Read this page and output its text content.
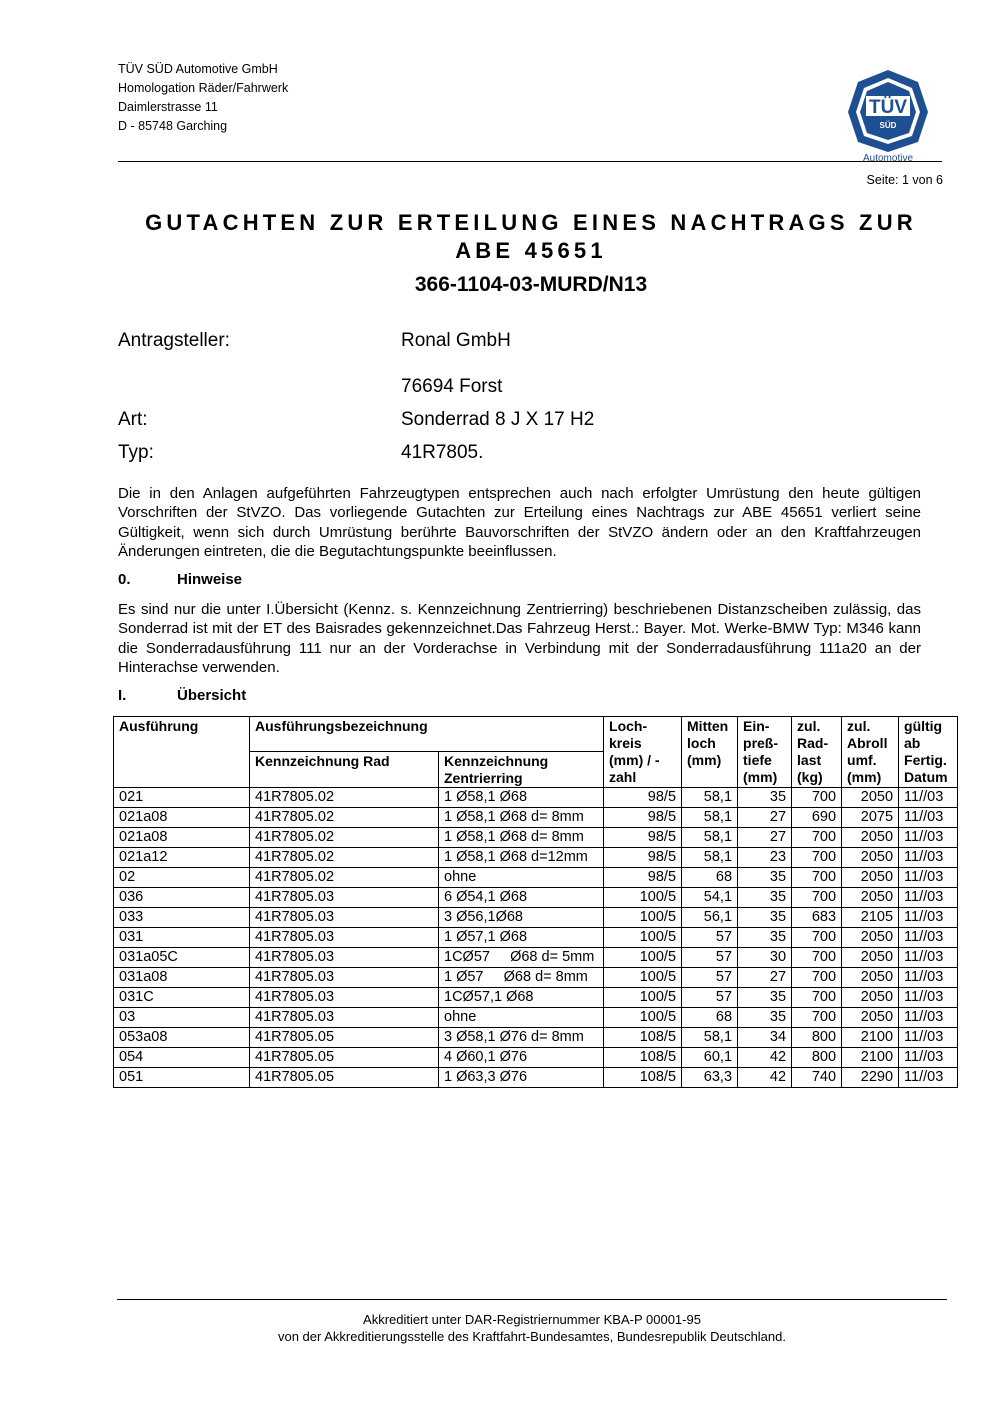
TÜV SÜD Automotive GmbH
Homologation Räder/Fahrwerk
Daimlerstrasse 11
D - 85748 Garching
TÜV
SÜD
Automotive
Seite: 1 von 6
GUTACHTEN ZUR ERTEILUNG EINES NACHTRAGS ZUR
ABE 45651
366-1104-03-MURD/N13
Antragsteller:	Ronal GmbH
76694 Forst
Art:	Sonderrad 8 J X 17 H2
Typ:	41R7805.
Die in den Anlagen aufgeführten Fahrzeugtypen entsprechen auch nach erfolgter Umrüstung den heute gültigen Vorschriften der StVZO. Das vorliegende Gutachten zur Erteilung eines Nachtrags zur ABE 45651 verliert seine Gültigkeit, wenn sich durch Umrüstung berührte Bauvorschriften der StVZO ändern oder an den Kraftfahrzeugen Änderungen eintreten, die die Begutachtungspunkte beeinflussen.
0.	Hinweise
Es sind nur die unter I.Übersicht (Kennz. s. Kennzeichnung Zentrierring) beschriebenen Distanzscheiben zulässig, das Sonderrad ist mit der ET des Baisrades gekennzeichnet.Das Fahrzeug Herst.: Bayer. Mot. Werke-BMW Typ: M346 kann die Sonderradausführung 111 nur an der Vorderachse in Verbindung mit der Sonderradausführung 111a20 an der Hinterachse verwenden.
I.	Übersicht
Ausführung	Ausführungsbezeichnung		Loch- kreis (mm) / -zahl	Mitten loch (mm)	Ein- preß- tiefe (mm)	zul. Rad- last (kg)	zul. Abroll umf. (mm)	gültig ab Fertig. Datum
	Kennzeichnung Rad	Kennzeichnung Zentrierring						
021	41R7805.02	1 Ø58,1 Ø68	98/5	58,1	35	700	2050	11//03
021a08	41R7805.02	1 Ø58,1 Ø68 d= 8mm	98/5	58,1	27	690	2075	11//03
021a08	41R7805.02	1 Ø58,1 Ø68 d= 8mm	98/5	58,1	27	700	2050	11//03
021a12	41R7805.02	1 Ø58,1 Ø68 d=12mm	98/5	58,1	23	700	2050	11//03
02	41R7805.02	ohne	98/5	68	35	700	2050	11//03
036	41R7805.03	6 Ø54,1 Ø68	100/5	54,1	35	700	2050	11//03
033	41R7805.03	3 Ø56,1Ø68	100/5	56,1	35	683	2105	11//03
031	41R7805.03	1 Ø57,1 Ø68	100/5	57	35	700	2050	11//03
031a05C	41R7805.03	1CØ57     Ø68 d= 5mm	100/5	57	30	700	2050	11//03
031a08	41R7805.03	1 Ø57     Ø68 d= 8mm	100/5	57	27	700	2050	11//03
031C	41R7805.03	1CØ57,1 Ø68	100/5	57	35	700	2050	11//03
03	41R7805.03	ohne	100/5	68	35	700	2050	11//03
053a08	41R7805.05	3 Ø58,1 Ø76 d= 8mm	108/5	58,1	34	800	2100	11//03
054	41R7805.05	4 Ø60,1 Ø76	108/5	60,1	42	800	2100	11//03
051	41R7805.05	1 Ø63,3 Ø76	108/5	63,3	42	740	2290	11//03
Akkreditiert unter DAR-Registriernummer KBA-P 00001-95
von der Akkreditierungsstelle des Kraftfahrt-Bundesamtes, Bundesrepublik Deutschland.
